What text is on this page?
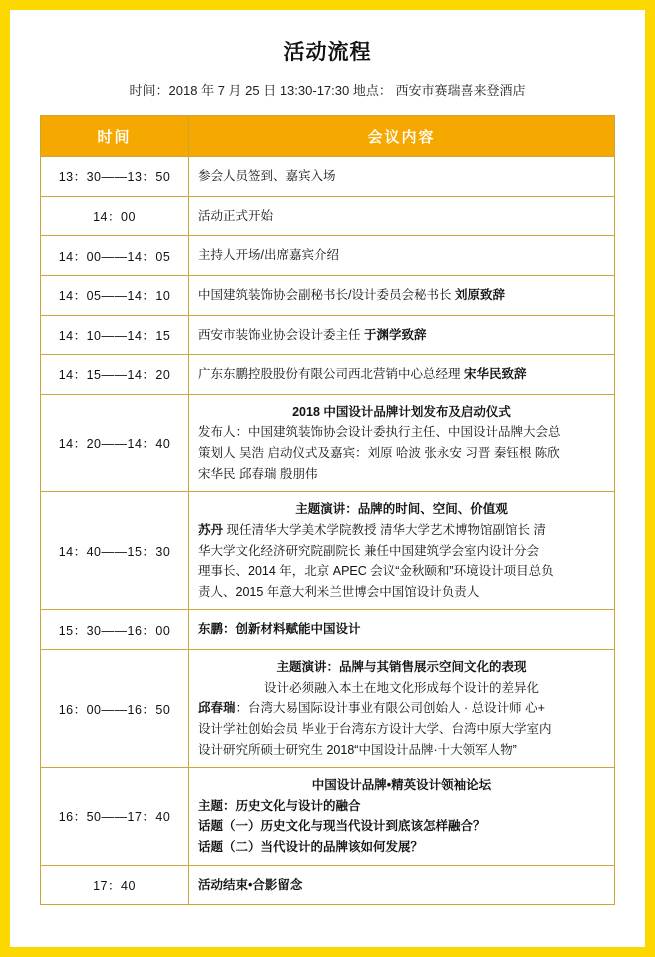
活动流程
时间：2018 年 7 月 25 日 13:30-17:30 地点： 西安市赛瑞喜来登酒店
时间	会议内容
13：30——13：50	参会人员签到、嘉宾入场

14：00	活动正式开始

14：00——14：05	主持人开场/出席嘉宾介绍

14：05——14：10	中国建筑装饰协会副秘书长/设计委员会秘书长 刘原致辞

14：10——14：15	西安市装饰业协会设计委主任 于渊学致辞

14：15——14：20	广东东鹏控股股份有限公司西北营销中心总经理 宋华民致辞

14：20——14：40	2018 中国设计品牌计划发布及启动仪式
发布人：中国建筑装饰协会设计委执行主任、中国设计品牌大会总
策划人 吴浩 启动仪式及嘉宾：刘原 哈波 张永安 习晋 秦钰根 陈欣
宋华民 邱春瑞 殷朋伟

14：40——15：30	主题演讲：品牌的时间、空间、价值观
苏丹 现任清华大学美术学院教授 清华大学艺术博物馆副馆长 清
华大学文化经济研究院副院长 兼任中国建筑学会室内设计分会
理事长、2014 年，北京 APEC 会议“金秋颐和”环境设计项目总负
责人、2015 年意大利米兰世博会中国馆设计负责人

15：30——16：00	东鹏：创新材料赋能中国设计

16：00——16：50	主题演讲：品牌与其销售展示空间文化的表现
设计必须融入本土在地文化形成每个设计的差异化
邱春瑞：台湾大易国际设计事业有限公司创始人 · 总设计师 心+
设计学社创始会员 毕业于台湾东方设计大学、台湾中原大学室内
设计研究所硕士研究生 2018“中国设计品牌·十大领军人物”

16：50——17：40	中国设计品牌•精英设计领袖论坛
主题：历史文化与设计的融合
话题（一）历史文化与现当代设计到底该怎样融合？
话题（二）当代设计的品牌该如何发展？

17：40	活动结束•合影留念
